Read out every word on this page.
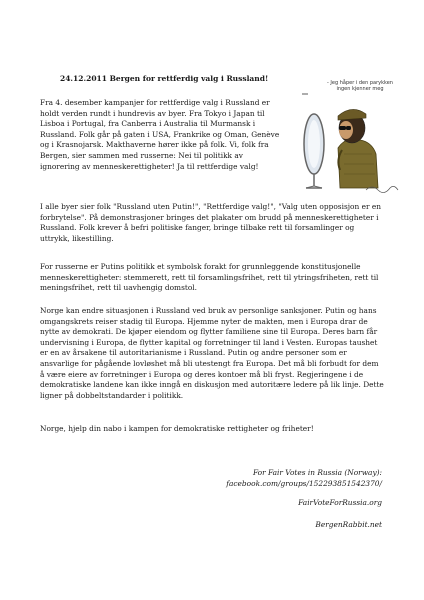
24.12.2011 Bergen for rettferdig valg i Russland!	- Jeg håper i den parykken
ingen kjenner meg

Fra 4. desember kampanjer for rettferdige valg i Russland er holdt verden rundt i hundrevis av byer. Fra Tokyo i Japan til Lisboa i Portugal, fra Canberra i Australia til Murmansk i Russland. Folk går på gaten i USA, Frankrike og Oman, Genève og i Krasnojarsk. Makthaverne hører ikke på folk. Vi, folk fra Bergen, sier sammen med russerne: Nei til politikk av ignorering av menneskerettigheter! Ja til rettferdige valg!

I alle byer sier folk "Russland uten Putin!", "Rettferdige valg!", "Valg uten opposisjon er en forbrytelse". På demonstrasjoner bringes det plakater om brudd på menneskerettigheter i Russland. Folk krever å befri politiske fanger, bringe tilbake rett til forsamlinger og uttrykk, likestilling.

For russerne er Putins politikk et symbolsk forakt for grunnleggende konstitusjonelle menneskerettigheter: stemmerett, rett til forsamlingsfrihet, rett til ytringsfriheten, rett til meningsfrihet, rett til uavhengig domstol.

Norge kan endre situasjonen i Russland ved bruk av personlige sanksjoner. Putin og hans omgangskrets reiser stadig til Europa. Hjemme nyter de makten, men i Europa drar de nytte av demokrati. De kjøper eiendom og flytter familiene sine til Europa. Deres barn får undervisning i Europa, de flytter kapital og forretninger til land i Vesten. Europas taushet er en av årsakene til autoritarianisme i Russland. Putin og andre personer som er ansvarlige for pågående lovløshet må bli utestengt fra Europa. Det må bli forbudt for dem å være eiere av forretninger i Europa og deres kontoer må bli fryst. Regjeringene i de demokratiske landene kan ikke inngå en diskusjon med autoritære ledere på lik linje. Dette ligner på dobbeltstandarder i politikk.

Norge, hjelp din nabo i kampen for demokratiske rettigheter og friheter!

For Fair Votes in Russia (Norway):
facebook.com/groups/152293851542370/

FairVoteForRussia.org

BergenRabbit.net
